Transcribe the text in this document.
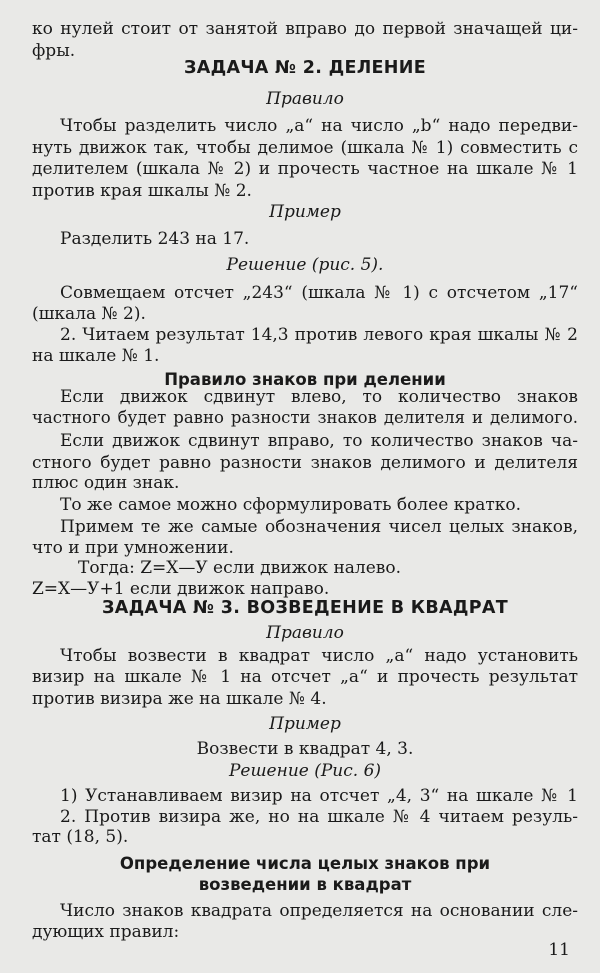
ко нулей стоит от занятой вправо до первой значащей ци-
фры.
ЗАДАЧА № 2. ДЕЛЕНИЕ
Правило
Чтобы разделить число „а“ на число „b“ надо передви-
нуть движок так, чтобы делимое (шкала № 1) совместить с
делителем (шкала № 2) и прочесть частное на шкале № 1
против края шкалы № 2.
Пример
Разделить 243 на 17.
Решение (рис. 5).
Совмещаем отсчет „243“ (шкала № 1) с отсчетом „17“
(шкала № 2).
2. Читаем результат 14,3 против левого края шкалы № 2
на шкале № 1.
Правило знаков при делении
Если движок сдвинут влево, то количество знаков
частного будет равно разности знаков делителя и делимого.
Если движок сдвинут вправо, то количество знаков ча-
стного будет равно разности знаков делимого и делителя
плюс один знак.
То же самое можно сформулировать более кратко.
Примем те же самые обозначения чисел целых знаков,
что и при умножении.
Тогда: Z=X—У если движок налево.
Z=X—У+1 если движок направо.
ЗАДАЧА № 3. ВОЗВЕДЕНИЕ В КВАДРАТ
Правило
Чтобы возвести в квадрат число „а“ надо установить
визир на шкале № 1 на отсчет „а“ и прочесть результат
против визира же на шкале № 4.
Пример
Возвести в квадрат 4, 3.
Решение (Рис. 6)
1) Устанавливаем визир на отсчет „4, 3“ на шкале № 1
2. Против визира же, но на шкале № 4 читаем резуль-
тат (18, 5).
Определение числа целых знаков при
возведении в квадрат
Число знаков квадрата определяется на основании сле-
дующих правил:
11
